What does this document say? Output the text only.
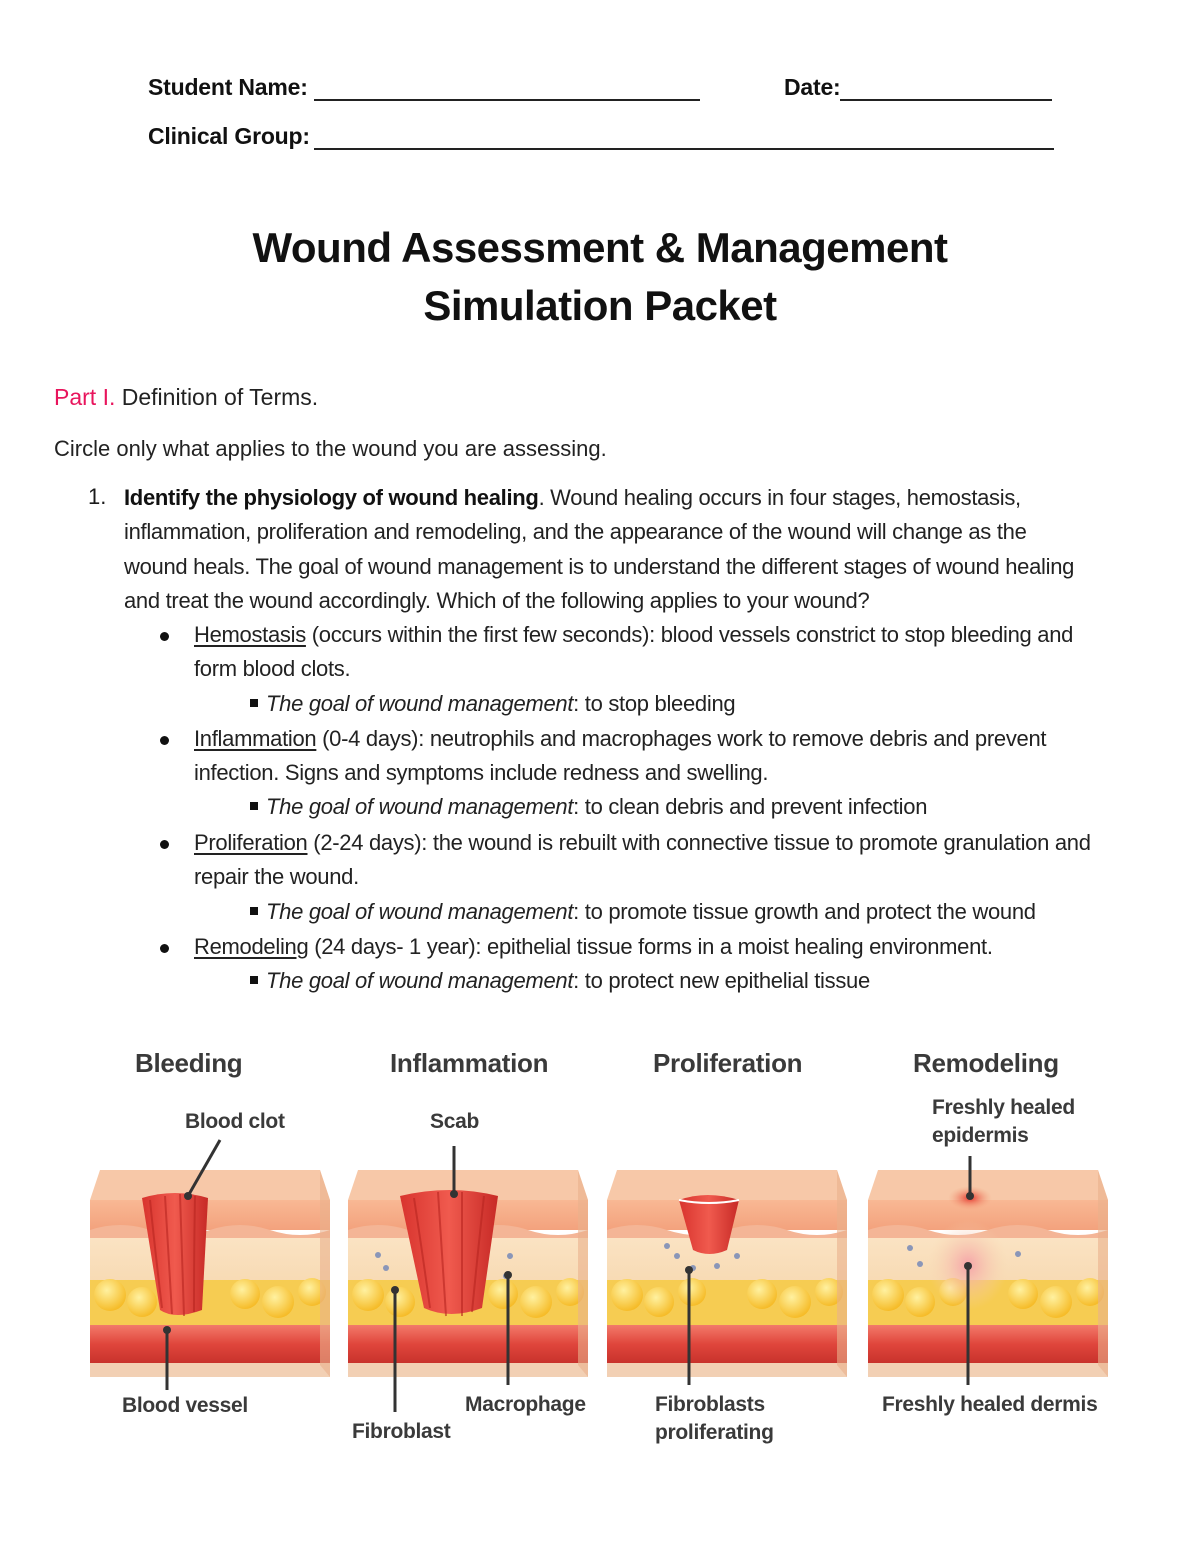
Student Name:	Date:
Clinical Group:
Wound Assessment & Management
Simulation Packet
Part I. Definition of Terms.
Circle only what applies to the wound you are assessing.
1. Identify the physiology of wound healing. Wound healing occurs in four stages, hemostasis,
inflammation, proliferation and remodeling, and the appearance of the wound will change as the
wound heals. The goal of wound management is to understand the different stages of wound healing
and treat the wound accordingly. Which of the following applies to your wound?
Hemostasis (occurs within the first few seconds): blood vessels constrict to stop bleeding and
form blood clots.
The goal of wound management: to stop bleeding
Inflammation (0-4 days): neutrophils and macrophages work to remove debris and prevent
infection. Signs and symptoms include redness and swelling.
The goal of wound management: to clean debris and prevent infection
Proliferation (2-24 days): the wound is rebuilt with connective tissue to promote granulation and
repair the wound.
The goal of wound management: to promote tissue growth and protect the wound
Remodeling (24 days- 1 year): epithelial tissue forms in a moist healing environment.
The goal of wound management: to protect new epithelial tissue
Bleeding	Inflammation	Proliferation	Remodeling
Blood clot
Blood vessel
Scab
Fibroblast
Macrophage	Fibroblasts
proliferating
Freshly healed
epidermis
Freshly healed dermis
